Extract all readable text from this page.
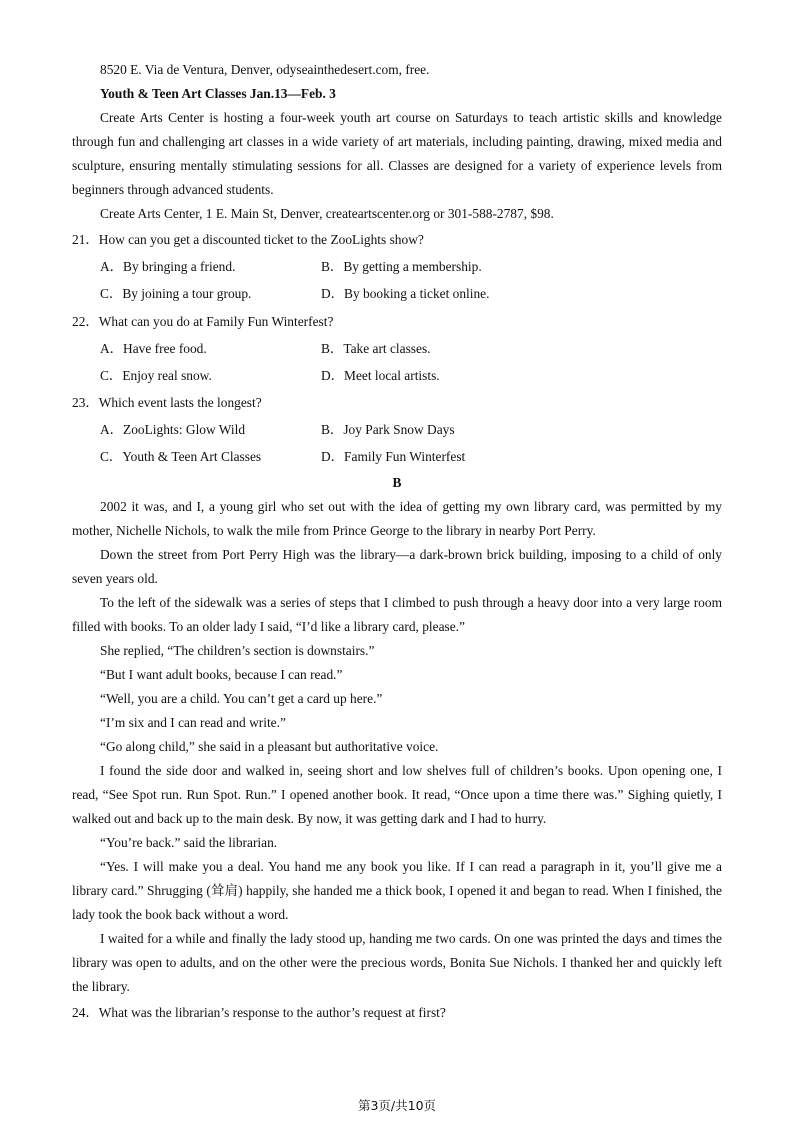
8520 E. Via de Ventura, Denver, odyseainthedesert.com, free.

Youth & Teen Art Classes Jan.13—Feb. 3

Create Arts Center is hosting a four-week youth art course on Saturdays to teach artistic skills and knowledge through fun and challenging art classes in a wide variety of art materials, including painting, drawing, mixed media and sculpture, ensuring mentally stimulating sessions for all. Classes are designed for a variety of experience levels from beginners through advanced students.

Create Arts Center, 1 E. Main St, Denver, createartscenter.org or 301-588-2787, $98.

21．How can you get a discounted ticket to the ZooLights show?

A．By bringing a friend.	B．By getting a membership.
C．By joining a tour group.	D．By booking a ticket online.

22．What can you do at Family Fun Winterfest?

A．Have free food.	B．Take art classes.
C．Enjoy real snow.	D．Meet local artists.

23．Which event lasts the longest?

A．ZooLights: Glow Wild	B．Joy Park Snow Days
C．Youth & Teen Art Classes	D．Family Fun Winterfest

B

2002 it was, and I, a young girl who set out with the idea of getting my own library card, was permitted by my mother, Nichelle Nichols, to walk the mile from Prince George to the library in nearby Port Perry.

Down the street from Port Perry High was the library—a dark-brown brick building, imposing to a child of only seven years old.

To the left of the sidewalk was a series of steps that I climbed to push through a heavy door into a very large room filled with books. To an older lady I said, “I’d like a library card, please.”

She replied, “The children’s section is downstairs.”

“But I want adult books, because I can read.”

“Well, you are a child. You can’t get a card up here.”

“I’m six and I can read and write.”

“Go along child,” she said in a pleasant but authoritative voice.

I found the side door and walked in, seeing short and low shelves full of children’s books. Upon opening one, I read, “See Spot run. Run Spot. Run.” I opened another book. It read, “Once upon a time there was.” Sighing quietly, I walked out and back up to the main desk. By now, it was getting dark and I had to hurry.

“You’re back.” said the librarian.

“Yes. I will make you a deal. You hand me any book you like. If I can read a paragraph in it, you’ll give me a library card.” Shrugging (耸肩) happily, she handed me a thick book, I opened it and began to read. When I finished, the lady took the book back without a word.

I waited for a while and finally the lady stood up, handing me two cards. On one was printed the days and times the library was open to adults, and on the other were the precious words, Bonita Sue Nichols. I thanked her and quickly left the library.

24．What was the librarian’s response to the author’s request at first?

第3页/共10页
